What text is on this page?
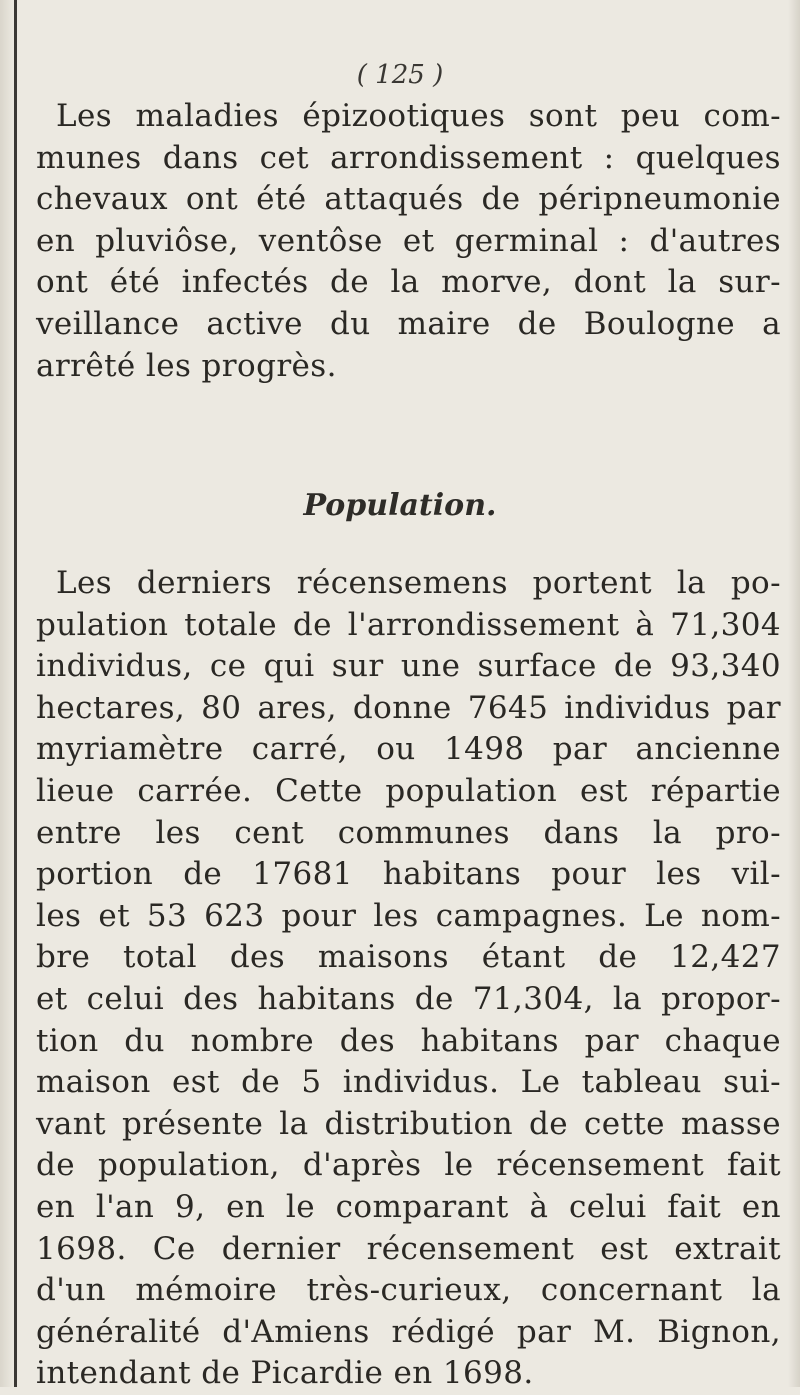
( 125 )
Les maladies épizootiques sont peu com-
munes dans cet arrondissement : quelques
chevaux ont été attaqués de péripneumonie
en pluviôse, ventôse et germinal : d'autres
ont été infectés de la morve, dont la sur-
veillance active du maire de Boulogne a
arrêté les progrès.
Population.
Les derniers récensemens portent la po-
pulation totale de l'arrondissement à 71,304
individus, ce qui sur une surface de 93,340
hectares, 80 ares, donne 7645 individus par
myriamètre carré, ou 1498 par ancienne
lieue carrée. Cette population est répartie
entre les cent communes dans la pro-
portion de 17681 habitans pour les vil-
les et 53 623 pour les campagnes. Le nom-
bre total des maisons étant de 12,427
et celui des habitans de 71,304, la propor-
tion du nombre des habitans par chaque
maison est de 5 individus. Le tableau sui-
vant présente la distribution de cette masse
de population, d'après le récensement fait
en l'an 9, en le comparant à celui fait en
1698. Ce dernier récensement est extrait
d'un mémoire très-curieux, concernant la
généralité d'Amiens rédigé par M. Bignon,
intendant de Picardie en 1698.
